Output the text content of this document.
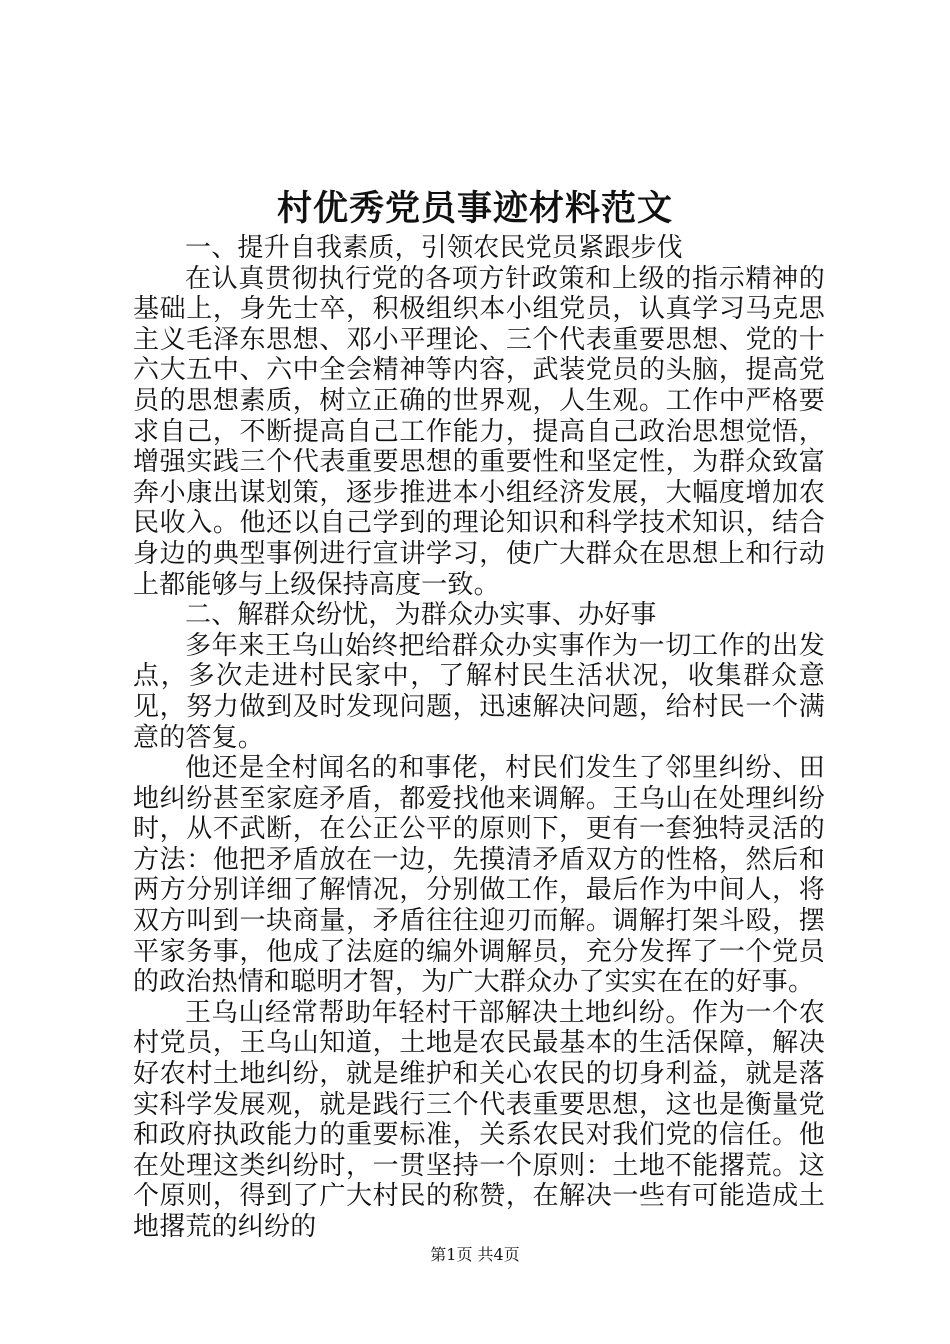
村优秀党员事迹材料范文

一、提升自我素质，引领农民党员紧跟步伐

在认真贯彻执行党的各项方针政策和上级的指示精神的基础上，身先士卒，积极组织本小组党员，认真学习马克思主义毛泽东思想、邓小平理论、三个代表重要思想、党的十六大五中、六中全会精神等内容，武装党员的头脑，提高党员的思想素质，树立正确的世界观，人生观。工作中严格要求自己，不断提高自己工作能力，提高自己政治思想觉悟，增强实践三个代表重要思想的重要性和坚定性，为群众致富奔小康出谋划策，逐步推进本小组经济发展，大幅度增加农民收入。他还以自己学到的理论知识和科学技术知识，结合身边的典型事例进行宣讲学习，使广大群众在思想上和行动上都能够与上级保持高度一致。

二、解群众纷忧，为群众办实事、办好事

多年来王乌山始终把给群众办实事作为一切工作的出发点，多次走进村民家中，了解村民生活状况，收集群众意见，努力做到及时发现问题，迅速解决问题，给村民一个满意的答复。

他还是全村闻名的和事佬，村民们发生了邻里纠纷、田地纠纷甚至家庭矛盾，都爱找他来调解。王乌山在处理纠纷时，从不武断，在公正公平的原则下，更有一套独特灵活的方法：他把矛盾放在一边，先摸清矛盾双方的性格，然后和两方分别详细了解情况，分别做工作，最后作为中间人，将双方叫到一块商量，矛盾往往迎刃而解。调解打架斗殴，摆平家务事，他成了法庭的编外调解员，充分发挥了一个党员的政治热情和聪明才智，为广大群众办了实实在在的好事。

王乌山经常帮助年轻村干部解决土地纠纷。作为一个农村党员，王乌山知道，土地是农民最基本的生活保障，解决好农村土地纠纷，就是维护和关心农民的切身利益，就是落实科学发展观，就是践行三个代表重要思想，这也是衡量党和政府执政能力的重要标准，关系农民对我们党的信任。他在处理这类纠纷时，一贯坚持一个原则：土地不能撂荒。这个原则，得到了广大村民的称赞，在解决一些有可能造成土地撂荒的纠纷的

第1页 共4页
